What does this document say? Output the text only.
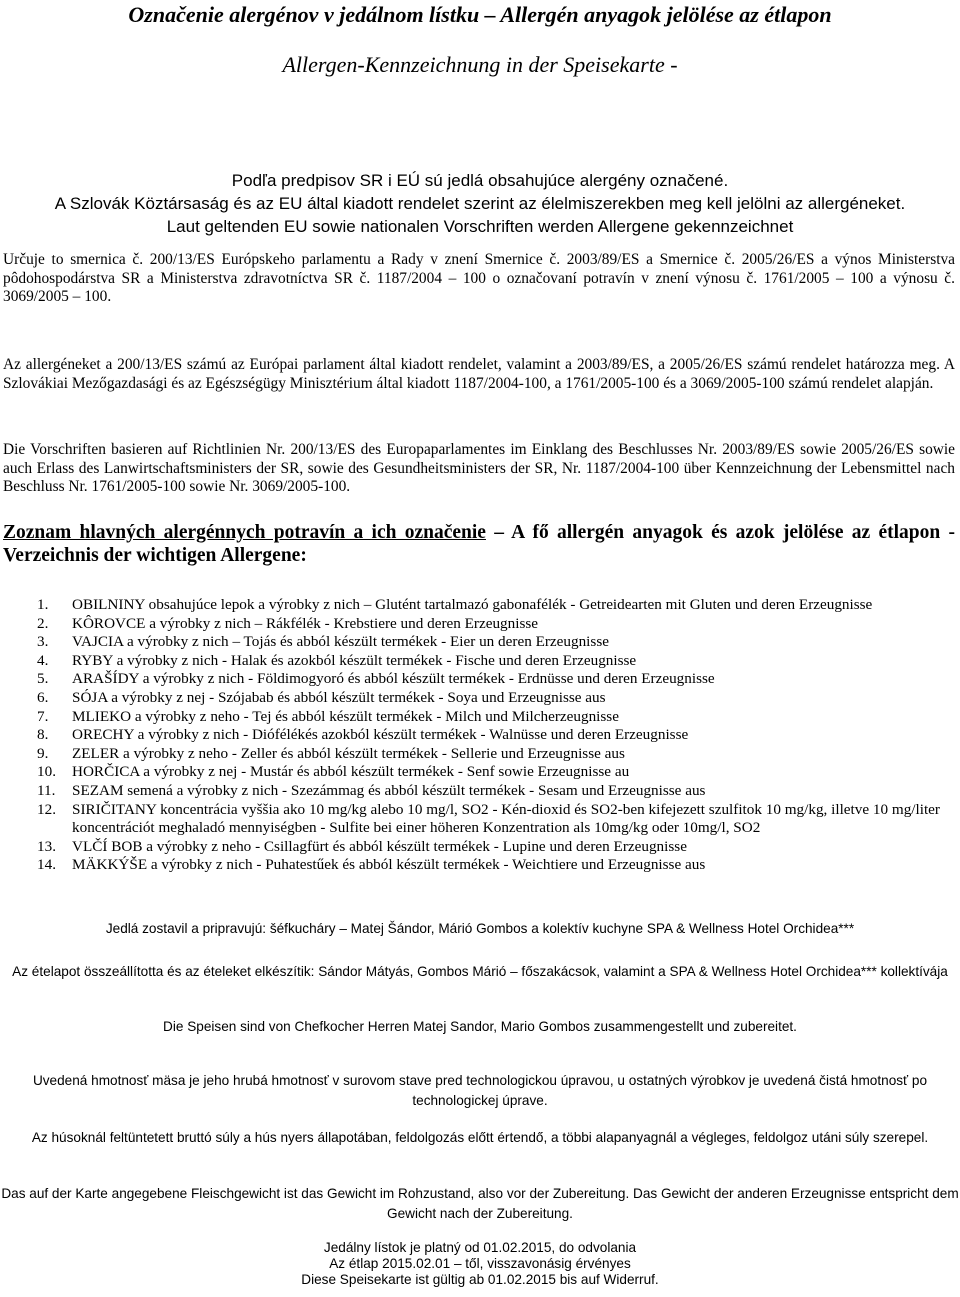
Označenie alergénov v jedálnom lístku – Allergén anyagok jelölése az étlapon
Allergen-Kennzeichnung in der Speisekarte -
Podľa predpisov SR i EÚ sú jedlá obsahujúce alergény označené.
A Szlovák Köztársaság és az EU által kiadott rendelet szerint az élelmiszerekben meg kell jelölni az allergéneket.
Laut geltenden EU sowie nationalen Vorschriften werden Allergene gekennzeichnet
Určuje to smernica č. 200/13/ES Európskeho parlamentu a Rady v znení Smernice č. 2003/89/ES a Smernice č. 2005/26/ES a výnos Ministerstva pôdohospodárstva SR a Ministerstva zdravotníctva SR č. 1187/2004 – 100 o označovaní potravín v znení výnosu č. 1761/2005 – 100 a výnosu č. 3069/2005 – 100.
Az allergéneket a 200/13/ES számú az Európai parlament által kiadott rendelet, valamint a 2003/89/ES, a 2005/26/ES számú rendelet határozza meg. A Szlovákiai Mezőgazdasági és az Egészségügy Minisztérium által kiadott 1187/2004-100, a 1761/2005-100 és a 3069/2005-100 számú rendelet alapján.
Die Vorschriften basieren auf Richtlinien Nr. 200/13/ES des Europaparlamentes im Einklang des Beschlusses Nr. 2003/89/ES sowie 2005/26/ES sowie auch Erlass des Lanwirtschaftsministers der SR, sowie des Gesundheitsministers der SR, Nr. 1187/2004-100 über Kennzeichnung der Lebensmittel nach Beschluss Nr. 1761/2005-100 sowie Nr. 3069/2005-100.
Zoznam hlavných alergénnych potravín a ich označenie – A fő allergén anyagok és azok jelölése az étlapon - Verzeichnis der wichtigen Allergene:
1.	OBILNINY obsahujúce lepok a výrobky z nich – Glutént tartalmazó gabonafélék - Getreidearten mit Gluten und deren Erzeugnisse
2.	KÔROVCE a výrobky z nich – Rákfélék - Krebstiere und deren Erzeugnisse
3.	VAJCIA a výrobky z nich – Tojás és abból készült termékek - Eier un deren Erzeugnisse
4.	RYBY a výrobky z nich - Halak és azokból készült termékek - Fische und deren Erzeugnisse
5.	ARAŠÍDY a výrobky z nich - Földimogyoró és abból készült termékek - Erdnüsse und deren Erzeugnisse
6.	SÓJA a výrobky z nej - Szójabab és abból készült termékek - Soya und Erzeugnisse aus
7.	MLIEKO a výrobky z neho - Tej és abból készült termékek - Milch und Milcherzeugnisse
8.	ORECHY a výrobky z nich - Diófélékés azokból készült termékek - Walnüsse und deren Erzeugnisse
9.	ZELER a výrobky z neho - Zeller és abból készült termékek - Sellerie und Erzeugnisse aus
10.	HORČICA a výrobky z nej - Mustár és abból készült termékek - Senf sowie Erzeugnisse au
11.	SEZAM semená a výrobky z nich - Szezámmag és abból készült termékek - Sesam und Erzeugnisse aus
12.	SIRIČITANY koncentrácia vyššia ako 10 mg/kg alebo 10 mg/l, SO2 - Kén-dioxid és SO2-ben kifejezett szulfitok 10 mg/kg, illetve 10 mg/liter koncentrációt meghaladó mennyiségben - Sulfite bei einer höheren Konzentration als 10mg/kg oder 10mg/l, SO2
13.	VLČÍ BOB a výrobky z neho - Csillagfürt és abból készült termékek - Lupine und deren Erzeugnisse
14.	MÄKKÝŠE a výrobky z nich - Puhatestűek és abból készült termékek - Weichtiere und Erzeugnisse aus
Jedlá zostavil a pripravujú: šéfkucháry – Matej Šándor, Márió Gombos a kolektív kuchyne SPA & Wellness Hotel Orchidea***
Az ételapot összeállította és az ételeket elkészítik: Sándor Mátyás, Gombos Márió – főszakácsok, valamint a SPA & Wellness Hotel Orchidea*** kollektívája
Die Speisen sind von Chefkocher Herren Matej Sandor, Mario Gombos zusammengestellt und zubereitet.
Uvedená hmotnosť mäsa je jeho hrubá hmotnosť v surovom stave pred technologickou úpravou, u ostatných výrobkov je uvedená čistá hmotnosť po technologickej úprave.
Az húsoknál feltüntetett bruttó súly a hús nyers állapotában, feldolgozás előtt értendő, a többi alapanyagnál a végleges, feldolgoz utáni súly szerepel.
Das auf der Karte angegebene Fleischgewicht ist das Gewicht im Rohzustand, also vor der Zubereitung. Das Gewicht der anderen Erzeugnisse entspricht dem Gewicht nach der Zubereitung.
Jedálny lístok je platný od 01.02.2015, do odvolania
Az étlap 2015.02.01 – től, visszavonásig érvényes
Diese Speisekarte ist gültig ab 01.02.2015 bis auf Widerruf.
